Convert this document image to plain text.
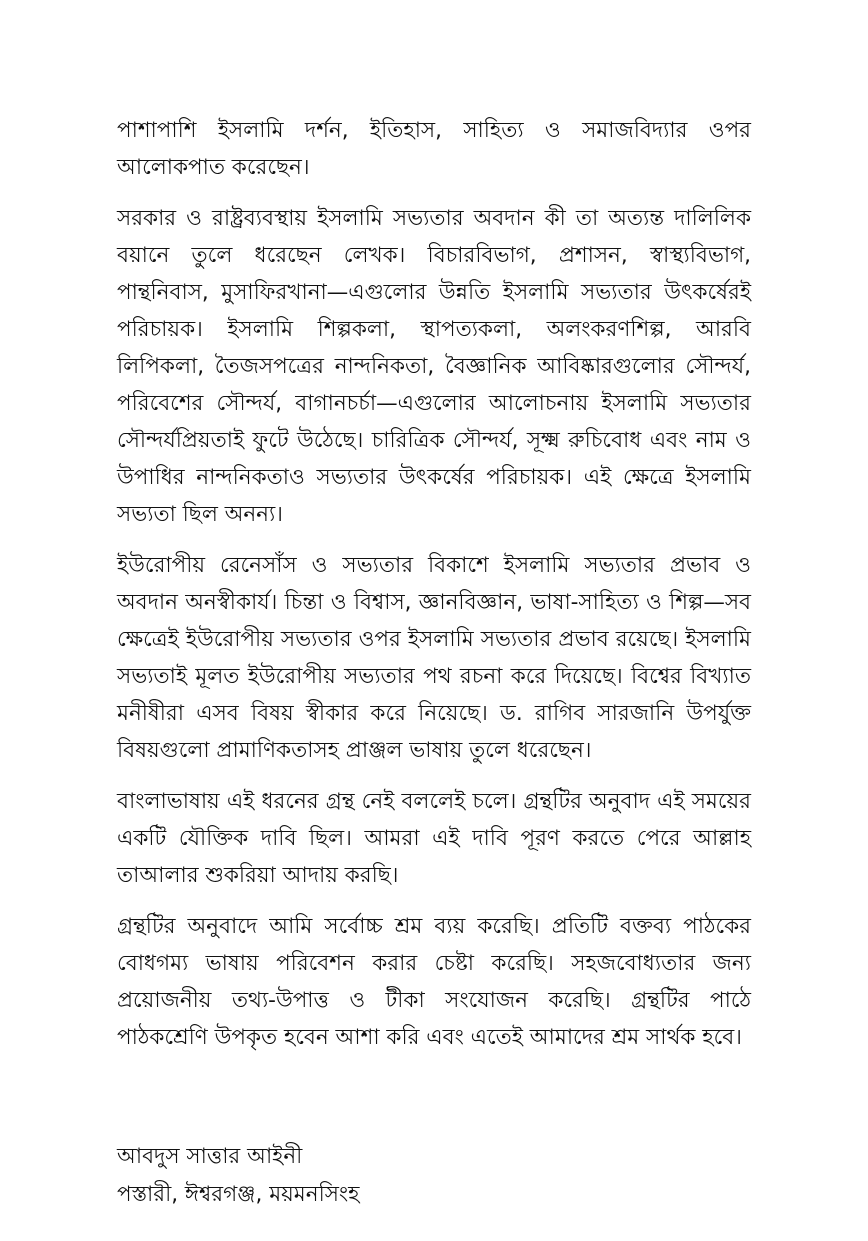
পাশাপাশি ইসলামি দর্শন, ইতিহাস, সাহিত্য ও সমাজবিদ্যার ওপর আলোকপাত করেছেন।

সরকার ও রাষ্ট্রব্যবস্থায় ইসলামি সভ্যতার অবদান কী তা অত্যন্ত দালিলিক বয়ানে তুলে ধরেছেন লেখক। বিচারবিভাগ, প্রশাসন, স্বাস্থ্যবিভাগ, পান্থনিবাস, মুসাফিরখানা—এগুলোর উন্নতি ইসলামি সভ্যতার উৎকর্ষেরই পরিচায়ক। ইসলামি শিল্পকলা, স্থাপত্যকলা, অলংকরণশিল্প, আরবি লিপিকলা, তৈজসপত্রের নান্দনিকতা, বৈজ্ঞানিক আবিষ্কারগুলোর সৌন্দর্য, পরিবেশের সৌন্দর্য, বাগানচর্চা—এগুলোর আলোচনায় ইসলামি সভ্যতার সৌন্দর্যপ্রিয়তাই ফুটে উঠেছে। চারিত্রিক সৌন্দর্য, সূক্ষ্ম রুচিবোধ এবং নাম ও উপাধির নান্দনিকতাও সভ্যতার উৎকর্ষের পরিচায়ক। এই ক্ষেত্রে ইসলামি সভ্যতা ছিল অনন্য।

ইউরোপীয় রেনেসাঁস ও সভ্যতার বিকাশে ইসলামি সভ্যতার প্রভাব ও অবদান অনস্বীকার্য। চিন্তা ও বিশ্বাস, জ্ঞানবিজ্ঞান, ভাষা-সাহিত্য ও শিল্প—সব ক্ষেত্রেই ইউরোপীয় সভ্যতার ওপর ইসলামি সভ্যতার প্রভাব রয়েছে। ইসলামি সভ্যতাই মূলত ইউরোপীয় সভ্যতার পথ রচনা করে দিয়েছে। বিশ্বের বিখ্যাত মনীষীরা এসব বিষয় স্বীকার করে নিয়েছে। ড. রাগিব সারজানি উপর্যুক্ত বিষয়গুলো প্রামাণিকতাসহ প্রাঞ্জল ভাষায় তুলে ধরেছেন।

বাংলাভাষায় এই ধরনের গ্রন্থ নেই বললেই চলে। গ্রন্থটির অনুবাদ এই সময়ের একটি যৌক্তিক দাবি ছিল। আমরা এই দাবি পূরণ করতে পেরে আল্লাহ তাআলার শুকরিয়া আদায় করছি।

গ্রন্থটির অনুবাদে আমি সর্বোচ্চ শ্রম ব্যয় করেছি। প্রতিটি বক্তব্য পাঠকের বোধগম্য ভাষায় পরিবেশন করার চেষ্টা করেছি। সহজবোধ্যতার জন্য প্রয়োজনীয় তথ্য-উপাত্ত ও টীকা সংযোজন করেছি। গ্রন্থটির পাঠে পাঠকশ্রেণি উপকৃত হবেন আশা করি এবং এতেই আমাদের শ্রম সার্থক হবে।

আবদুস সাত্তার আইনী
পস্তারী, ঈশ্বরগঞ্জ, ময়মনসিংহ
